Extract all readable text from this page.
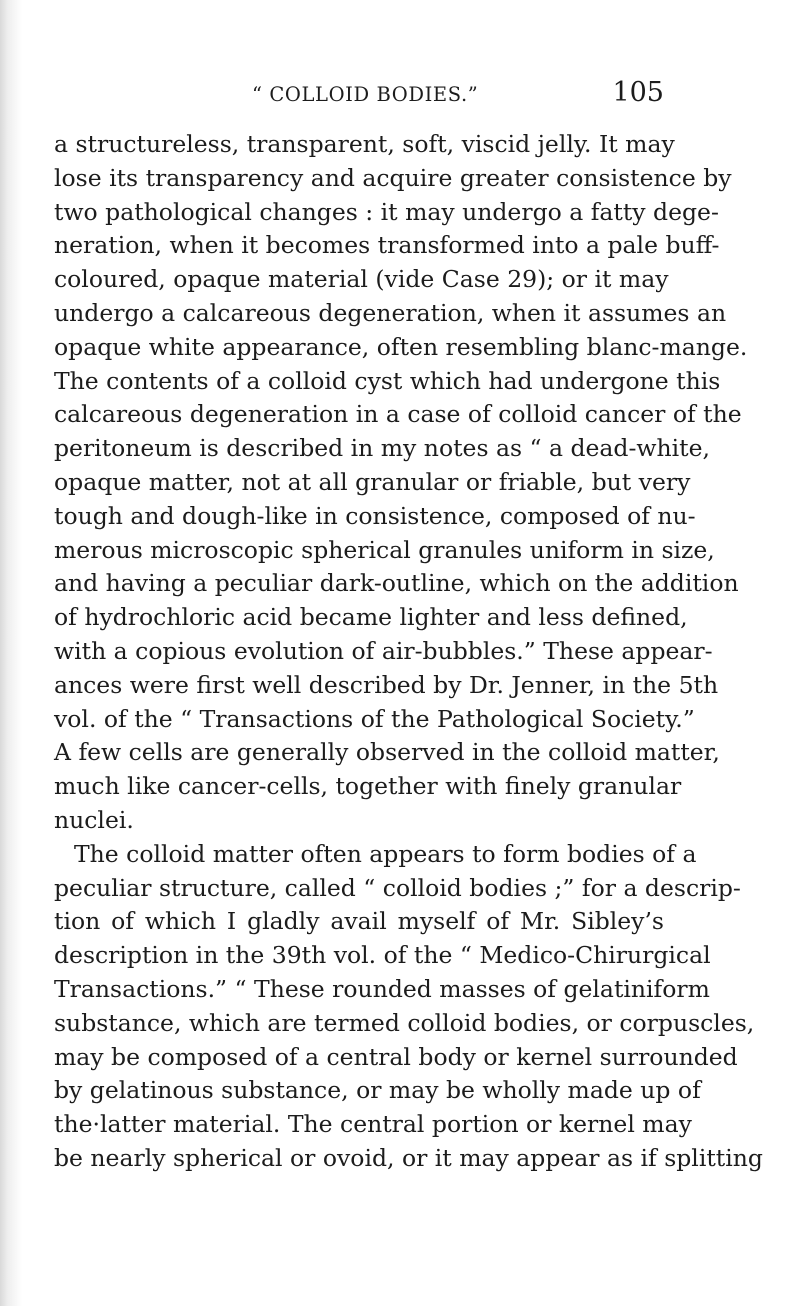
“ COLLOID BODIES.”	105
a structureless, transparent, soft, viscid jelly. It may
lose its transparency and acquire greater consistence by
two pathological changes : it may undergo a fatty dege-
neration, when it becomes transformed into a pale buff-
coloured, opaque material (vide Case 29); or it may
undergo a calcareous degeneration, when it assumes an
opaque white appearance, often resembling blanc-mange.
The contents of a colloid cyst which had undergone this
calcareous degeneration in a case of colloid cancer of the
peritoneum is described in my notes as “ a dead-white,
opaque matter, not at all granular or friable, but very
tough and dough-like in consistence, composed of nu-
merous microscopic spherical granules uniform in size,
and having a peculiar dark-outline, which on the addition
of hydrochloric acid became lighter and less defined,
with a copious evolution of air-bubbles.” These appear-
ances were first well described by Dr. Jenner, in the 5th
vol. of the “ Transactions of the Pathological Society.”
A few cells are generally observed in the colloid matter,
much like cancer-cells, together with finely granular
nuclei.
The colloid matter often appears to form bodies of a
peculiar structure, called “ colloid bodies ;” for a descrip-
tion of which I gladly avail myself of Mr. Sibley’s
description in the 39th vol. of the “ Medico-Chirurgical
Transactions.” “ These rounded masses of gelatiniform
substance, which are termed colloid bodies, or corpuscles,
may be composed of a central body or kernel surrounded
by gelatinous substance, or may be wholly made up of
the·latter material. The central portion or kernel may
be nearly spherical or ovoid, or it may appear as if splitting
